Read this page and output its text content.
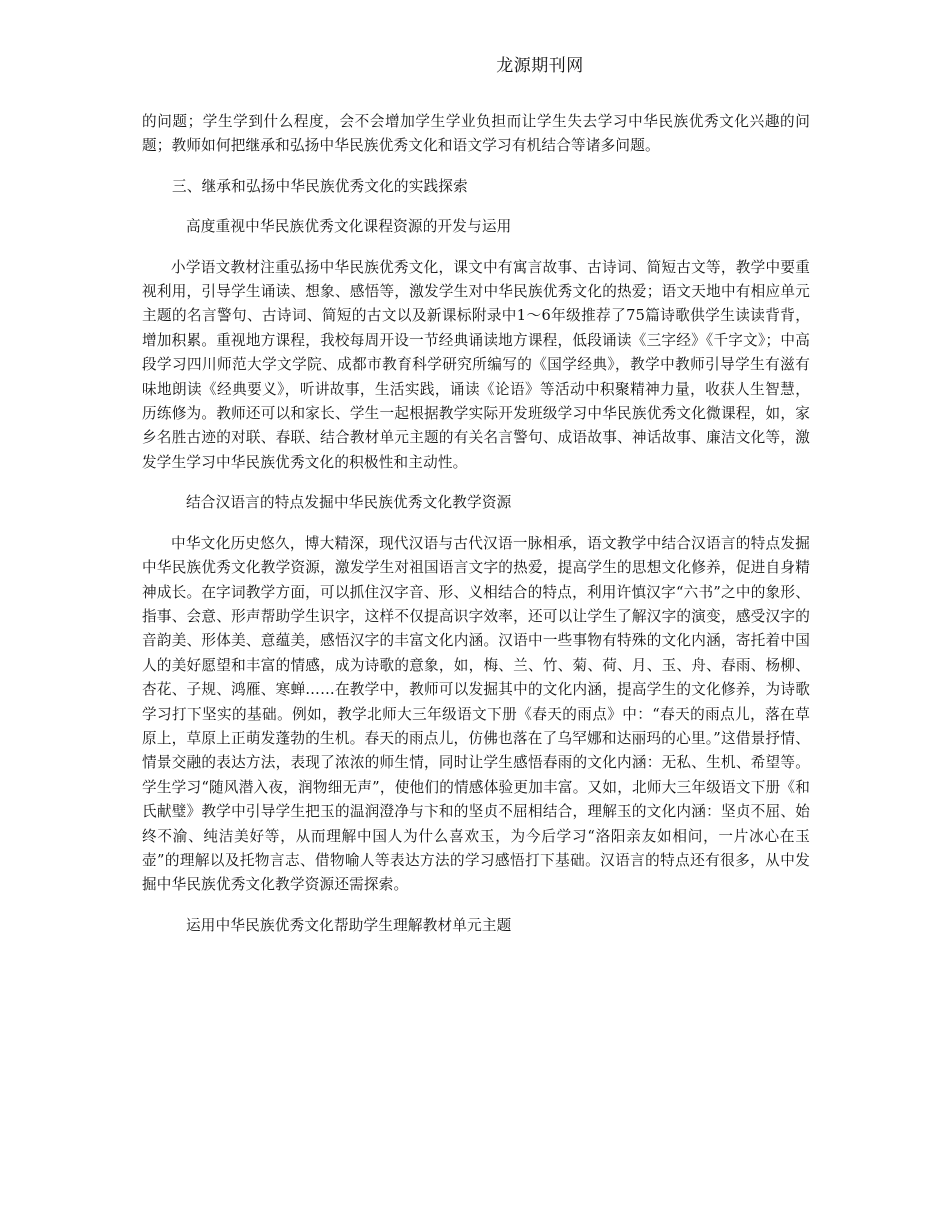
龙源期刊网

的问题；学生学到什么程度，会不会增加学生学业负担而让学生失去学习中华民族优秀文化兴趣的问题；教师如何把继承和弘扬中华民族优秀文化和语文学习有机结合等诸多问题。

三、继承和弘扬中华民族优秀文化的实践探索

高度重视中华民族优秀文化课程资源的开发与运用

小学语文教材注重弘扬中华民族优秀文化，课文中有寓言故事、古诗词、简短古文等，教学中要重视利用，引导学生诵读、想象、感悟等，激发学生对中华民族优秀文化的热爱；语文天地中有相应单元主题的名言警句、古诗词、简短的古文以及新课标附录中1～6年级推荐了75篇诗歌供学生读读背背，增加积累。重视地方课程，我校每周开设一节经典诵读地方课程，低段诵读《三字经》《千字文》；中高段学习四川师范大学文学院、成都市教育科学研究所编写的《国学经典》，教学中教师引导学生有滋有味地朗读《经典要义》，听讲故事，生活实践，诵读《论语》等活动中积聚精神力量，收获人生智慧，历练修为。教师还可以和家长、学生一起根据教学实际开发班级学习中华民族优秀文化微课程，如，家乡名胜古迹的对联、春联、结合教材单元主题的有关名言警句、成语故事、神话故事、廉洁文化等，激发学生学习中华民族优秀文化的积极性和主动性。

结合汉语言的特点发掘中华民族优秀文化教学资源

中华文化历史悠久，博大精深，现代汉语与古代汉语一脉相承，语文教学中结合汉语言的特点发掘中华民族优秀文化教学资源，激发学生对祖国语言文字的热爱，提高学生的思想文化修养，促进自身精神成长。在字词教学方面，可以抓住汉字音、形、义相结合的特点，利用许慎汉字“六书”之中的象形、指事、会意、形声帮助学生识字，这样不仅提高识字效率，还可以让学生了解汉字的演变，感受汉字的音韵美、形体美、意蕴美，感悟汉字的丰富文化内涵。汉语中一些事物有特殊的文化内涵，寄托着中国人的美好愿望和丰富的情感，成为诗歌的意象，如，梅、兰、竹、菊、荷、月、玉、舟、春雨、杨柳、杏花、子规、鸿雁、寒蝉……在教学中，教师可以发掘其中的文化内涵，提高学生的文化修养，为诗歌学习打下坚实的基础。例如，教学北师大三年级语文下册《春天的雨点》中：“春天的雨点儿，落在草原上，草原上正萌发蓬勃的生机。春天的雨点儿，仿佛也落在了乌罕娜和达丽玛的心里。”这借景抒情、情景交融的表达方法，表现了浓浓的师生情，同时让学生感悟春雨的文化内涵：无私、生机、希望等。学生学习“随风潜入夜，润物细无声”，使他们的情感体验更加丰富。又如，北师大三年级语文下册《和氏献璧》教学中引导学生把玉的温润澄净与卞和的坚贞不屈相结合，理解玉的文化内涵：坚贞不屈、始终不渝、纯洁美好等，从而理解中国人为什么喜欢玉，为今后学习“洛阳亲友如相问，一片冰心在玉壶”的理解以及托物言志、借物喻人等表达方法的学习感悟打下基础。汉语言的特点还有很多，从中发掘中华民族优秀文化教学资源还需探索。

运用中华民族优秀文化帮助学生理解教材单元主题
